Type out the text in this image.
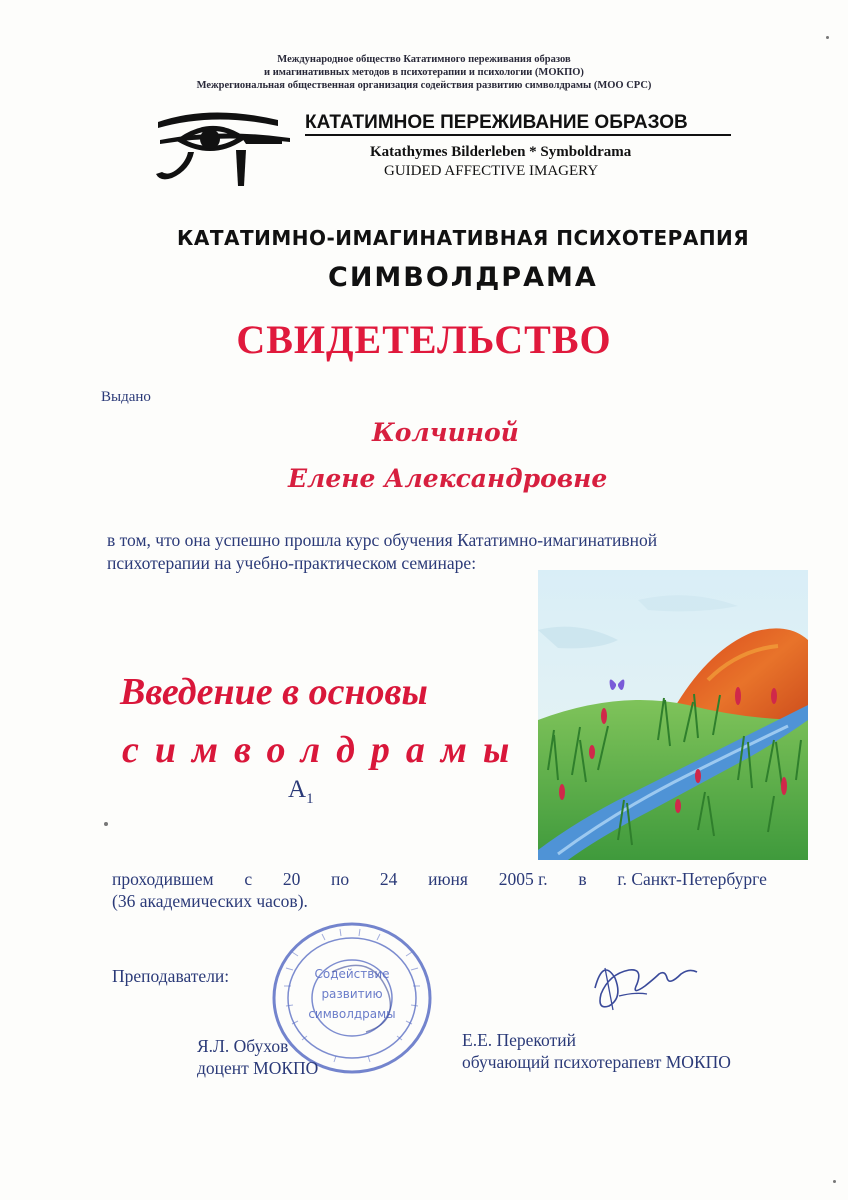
Международное общество Кататимного переживания образов
и имагинативных методов в психотерапии и психологии (МОКПО)
Межрегиональная общественная организация содействия развитию символдрамы (МОО СРС)
КАТАТИМНОЕ ПЕРЕЖИВАНИЕ ОБРАЗОВ
Katathymes Bilderleben * Symboldrama
GUIDED AFFECTIVE IMAGERY
КАТАТИМНО-ИМАГИНАТИВНАЯ ПСИХОТЕРАПИЯ
СИМВОЛДРАМА
СВИДЕТЕЛЬСТВО
Выдано
Колчиной
Елене Александровне
в том, что она успешно прошла курс обучения Кататимно-имагинативной
психотерапии на учебно-практическом семинаре:
Введение в основы
символдрамы
$A_1$
проходившем с 20 по 24 июня 2005 г. в г. Санкт-Петербурге
(36 академических часов).
Преподаватели:	Содействие
развитию
символдрамы
Я.Л. Обухов
доцент МОКПО
Е.Е. Перекотий
обучающий психотерапевт МОКПО
